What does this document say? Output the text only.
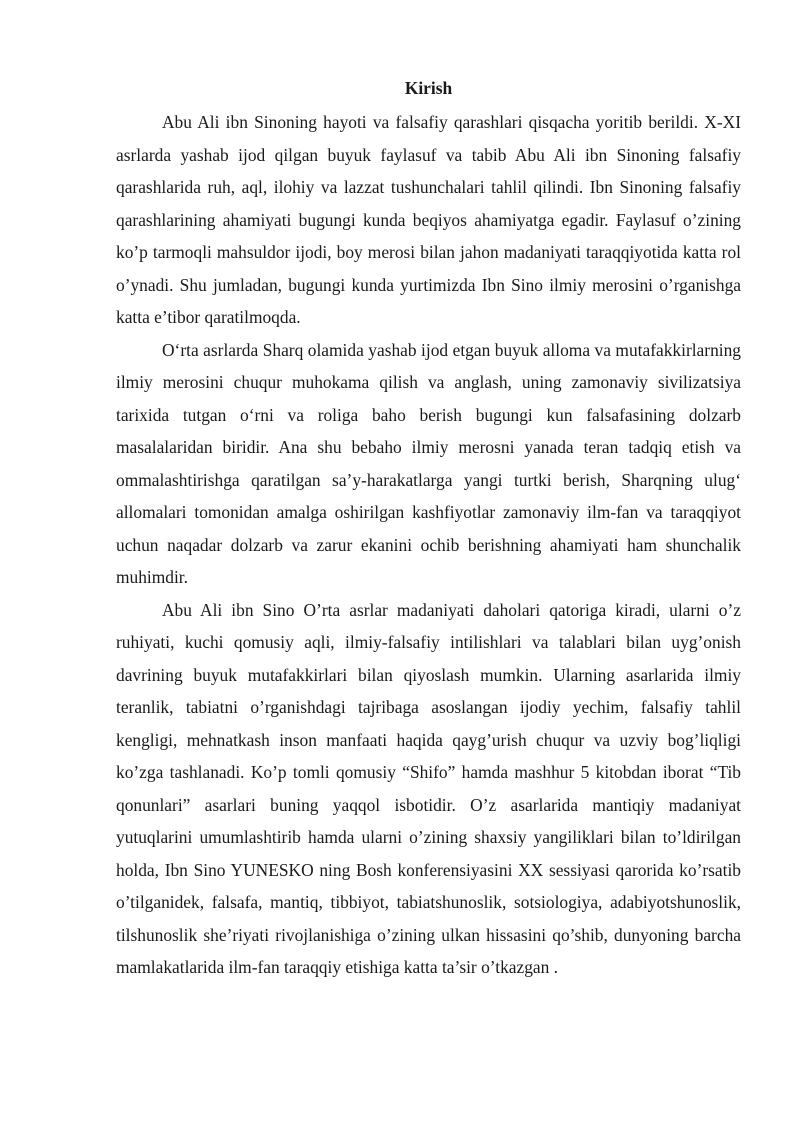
Kirish

Abu Ali ibn Sinoning hayoti va falsafiy qarashlari qisqacha yoritib berildi. X-XI asrlarda yashab ijod qilgan buyuk faylasuf va tabib Abu Ali ibn Sinoning falsafiy qarashlarida ruh, aql, ilohiy va lazzat tushunchalari tahlil qilindi. Ibn Sinoning falsafiy qarashlarining ahamiyati bugungi kunda beqiyos ahamiyatga egadir. Faylasuf o’zining ko’p tarmoqli mahsuldor ijodi, boy merosi bilan jahon madaniyati taraqqiyotida katta rol o’ynadi. Shu jumladan, bugungi kunda yurtimizda Ibn Sino ilmiy merosini o’rganishga katta e’tibor qaratilmoqda.

O‘rta asrlarda Sharq olamida yashab ijod etgan buyuk alloma va mutafakkirlarning ilmiy merosini chuqur muhokama qilish va anglash, uning zamonaviy sivilizatsiya tarixida tutgan o‘rni va roliga baho berish bugungi kun falsafasining dolzarb masalalaridan biridir. Ana shu bebaho ilmiy merosni yanada teran tadqiq etish va ommalashtirishga qaratilgan sa’y-harakatlarga yangi turtki berish, Sharqning ulug‘ allomalari tomonidan amalga oshirilgan kashfiyotlar zamonaviy ilm-fan va taraqqiyot uchun naqadar dolzarb va zarur ekanini ochib berishning ahamiyati ham shunchalik muhimdir.

Abu Ali ibn Sino O’rta asrlar madaniyati daholari qatoriga kiradi, ularni o’z ruhiyati, kuchi qomusiy aqli, ilmiy-falsafiy intilishlari va talablari bilan uyg’onish davrining buyuk mutafakkirlari bilan qiyoslash mumkin. Ularning asarlarida ilmiy teranlik, tabiatni o’rganishdagi tajribaga asoslangan ijodiy yechim, falsafiy tahlil kengligi, mehnatkash inson manfaati haqida qayg’urish chuqur va uzviy bog’liqligi ko’zga tashlanadi. Ko’p tomli qomusiy “Shifo” hamda mashhur 5 kitobdan iborat “Tib qonunlari” asarlari buning yaqqol isbotidir. O’z asarlarida mantiqiy madaniyat yutuqlarini umumlashtirib hamda ularni o’zining shaxsiy yangiliklari bilan to’ldirilgan holda, Ibn Sino YUNESKO ning Bosh konferensiyasini XX sessiyasi qarorida ko’rsatib o’tilganidek, falsafa, mantiq, tibbiyot, tabiatshunoslik, sotsiologiya, adabiyotshunoslik, tilshunoslik she’riyati rivojlanishiga o’zining ulkan hissasini qo’shib, dunyoning barcha mamlakatlarida ilm-fan taraqqiy etishiga katta ta’sir o’tkazgan .
